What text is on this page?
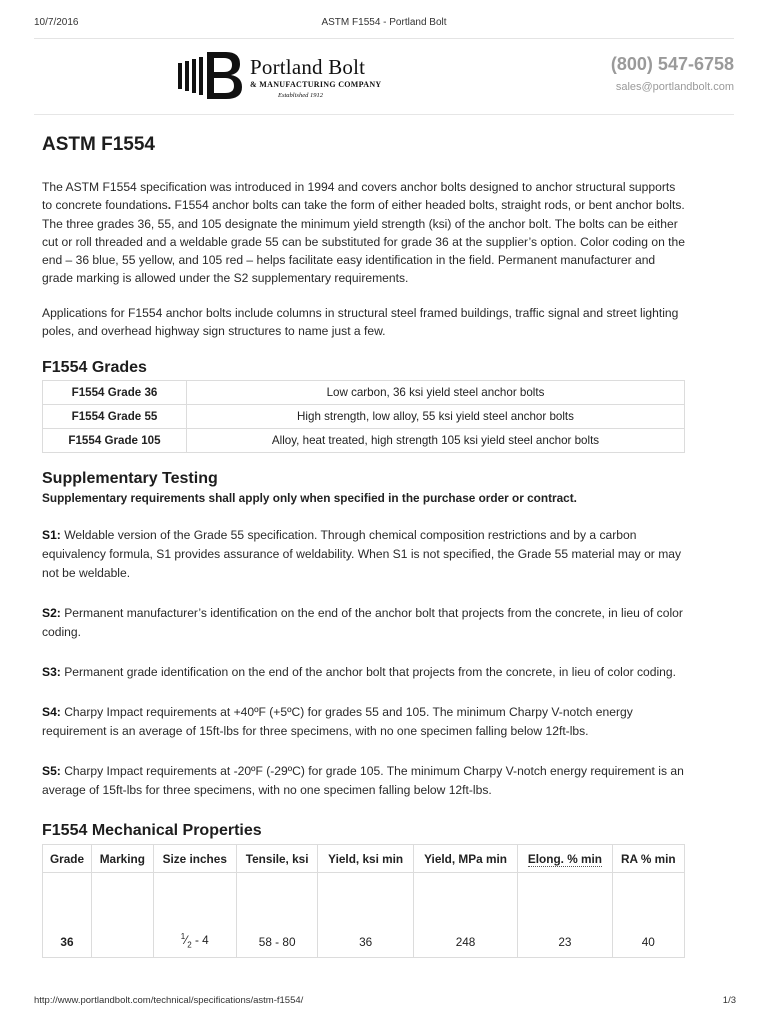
10/7/2016	ASTM F1554 - Portland Bolt
Portland Bolt
& MANUFACTURING COMPANY
Established 1912
(800) 547-6758
sales@portlandbolt.com
ASTM F1554

The ASTM F1554 specification was introduced in 1994 and covers anchor bolts designed to anchor structural supports to concrete foundations. F1554 anchor bolts can take the form of either headed bolts, straight rods, or bent anchor bolts. The three grades 36, 55, and 105 designate the minimum yield strength (ksi) of the anchor bolt. The bolts can be either cut or roll threaded and a weldable grade 55 can be substituted for grade 36 at the supplier’s option. Color coding on the end – 36 blue, 55 yellow, and 105 red – helps facilitate easy identification in the field. Permanent manufacturer and grade marking is allowed under the S2 supplementary requirements.

Applications for F1554 anchor bolts include columns in structural steel framed buildings, traffic signal and street lighting poles, and overhead highway sign structures to name just a few.

F1554 Grades
F1554 Grade 36	Low carbon, 36 ksi yield steel anchor bolts
F1554 Grade 55	High strength, low alloy, 55 ksi yield steel anchor bolts
F1554 Grade 105	Alloy, heat treated, high strength 105 ksi yield steel anchor bolts
Supplementary Testing

Supplementary requirements shall apply only when specified in the purchase order or contract.

S1: Weldable version of the Grade 55 specification. Through chemical composition restrictions and by a carbon equivalency formula, S1 provides assurance of weldability. When S1 is not specified, the Grade 55 material may or may not be weldable.

S2: Permanent manufacturer’s identification on the end of the anchor bolt that projects from the concrete, in lieu of color coding.

S3: Permanent grade identification on the end of the anchor bolt that projects from the concrete, in lieu of color coding.

S4: Charpy Impact requirements at +40ºF (+5ºC) for grades 55 and 105. The minimum Charpy V-notch energy requirement is an average of 15ft-lbs for three specimens, with no one specimen falling below 12ft-lbs.

S5: Charpy Impact requirements at -20ºF (-29ºC) for grade 105. The minimum Charpy V-notch energy requirement is an average of 15ft-lbs for three specimens, with no one specimen falling below 12ft-lbs.

F1554 Mechanical Properties
Grade	Marking	Size inches	Tensile, ksi	Yield, ksi min	Yield, MPa min	Elong. % min	RA % min

36		$^1⁄_2 - 4$	58 - 80	36	248	23	40
http://www.portlandbolt.com/technical/specifications/astm-f1554/	1/3
